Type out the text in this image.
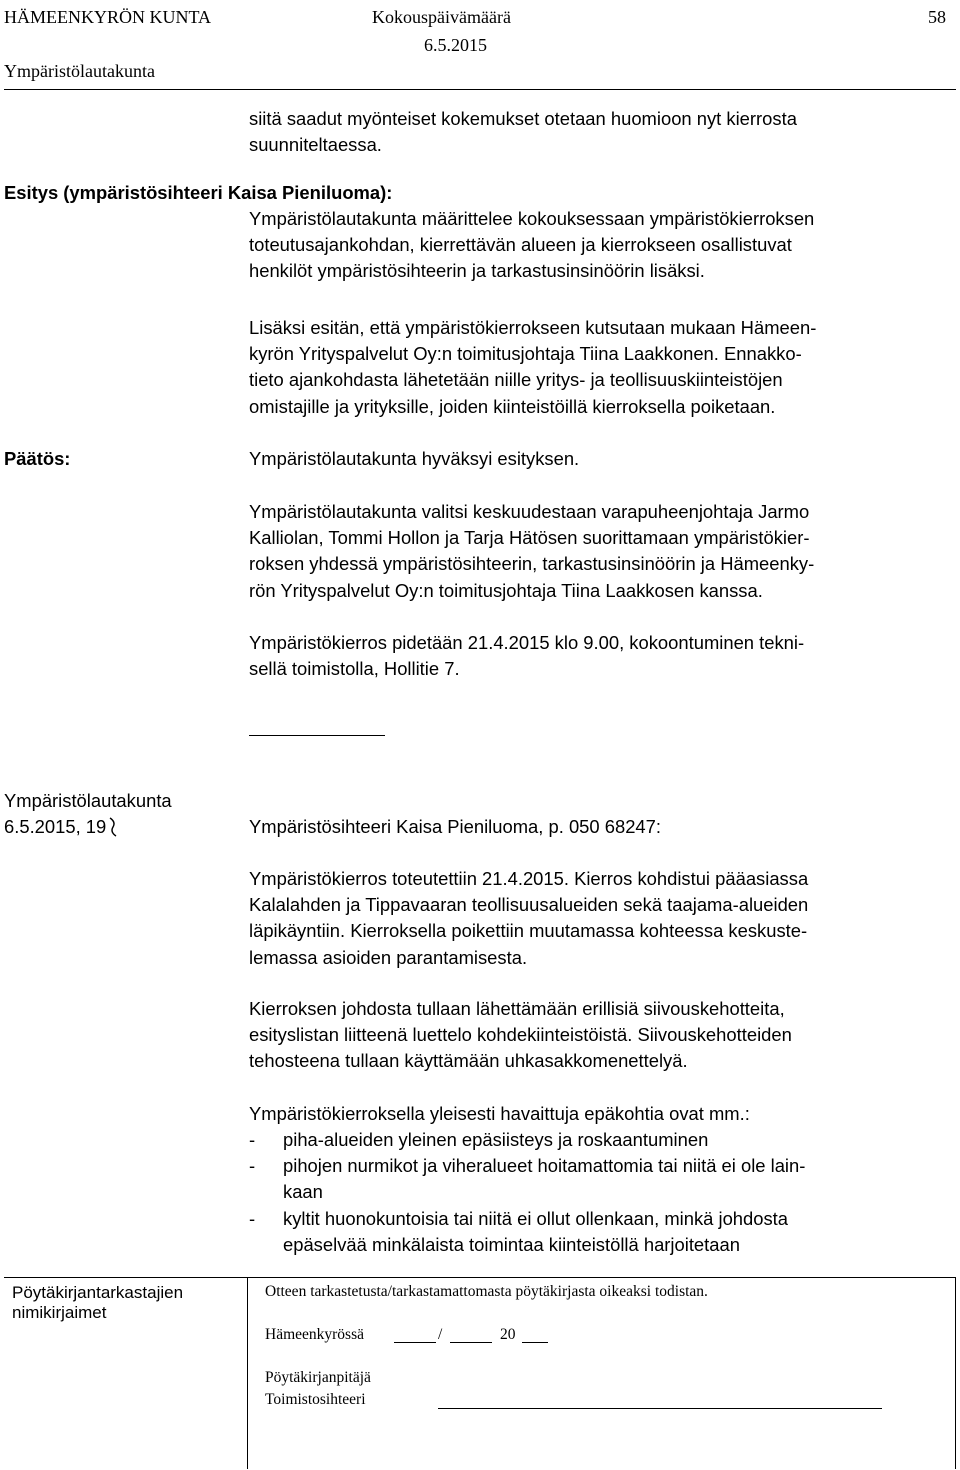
HÄMEENKYRÖN KUNTA	Kokouspäivämäärä	58
6.5.2015
Ympäristölautakunta
siitä saadut myönteiset kokemukset otetaan huomioon nyt kierrosta
suunniteltaessa.
Esitys (ympäristösihteeri Kaisa Pieniluoma):
Ympäristölautakunta määrittelee kokouksessaan ympäristökierroksen
toteutusajankohdan, kierrettävän alueen ja kierrokseen osallistuvat
henkilöt ympäristösihteerin ja tarkastusinsinöörin lisäksi.
Lisäksi esitän, että ympäristökierrokseen kutsutaan mukaan Hämeen-
kyrön Yrityspalvelut Oy:n toimitusjohtaja Tiina Laakkonen. Ennakko-
tieto ajankohdasta lähetetään niille yritys- ja teollisuuskiinteistöjen
omistajille ja yrityksille, joiden kiinteistöillä kierroksella poiketaan.
Päätös:	Ympäristölautakunta hyväksyi esityksen.
Ympäristölautakunta valitsi keskuudestaan varapuheenjohtaja Jarmo
Kalliolan, Tommi Hollon ja Tarja Hätösen suorittamaan ympäristökier-
roksen yhdessä ympäristösihteerin, tarkastusinsinöörin ja Hämeenky-
rön Yrityspalvelut Oy:n toimitusjohtaja Tiina Laakkosen kanssa.
Ympäristökierros pidetään 21.4.2015 klo 9.00, kokoontuminen tekni-
sellä toimistolla, Hollitie 7.
Ympäristölautakunta
6.5.2015, 19	Ympäristösihteeri Kaisa Pieniluoma, p. 050 68247:
Ympäristökierros toteutettiin 21.4.2015. Kierros kohdistui pääasiassa
Kalalahden ja Tippavaaran teollisuusalueiden sekä taajama-alueiden
läpikäyntiin. Kierroksella poikettiin muutamassa kohteessa keskuste-
lemassa asioiden parantamisesta.
Kierroksen johdosta tullaan lähettämään erillisiä siivouskehotteita,
esityslistan liitteenä luettelo kohdekiinteistöistä. Siivouskehotteiden
tehosteena tullaan käyttämään uhkasakkomenettelyä.
Ympäristökierroksella yleisesti havaittuja epäkohtia ovat mm.:
- piha-alueiden yleinen epäsiisteys ja roskaantuminen
- pihojen nurmikot ja viheralueet hoitamattomia tai niitä ei ole lain-
kaan
- kyltit huonokuntoisia tai niitä ei ollut ollenkaan, minkä johdosta
epäselvää minkälaista toimintaa kiinteistöllä harjoitetaan
Pöytäkirjantarkastajien
nimikirjaimet
Otteen tarkastetusta/tarkastamattomasta pöytäkirjasta oikeaksi todistan.
Hämeenkyrössä	/	20
Pöytäkirjanpitäjä
Toimistosihteeri
